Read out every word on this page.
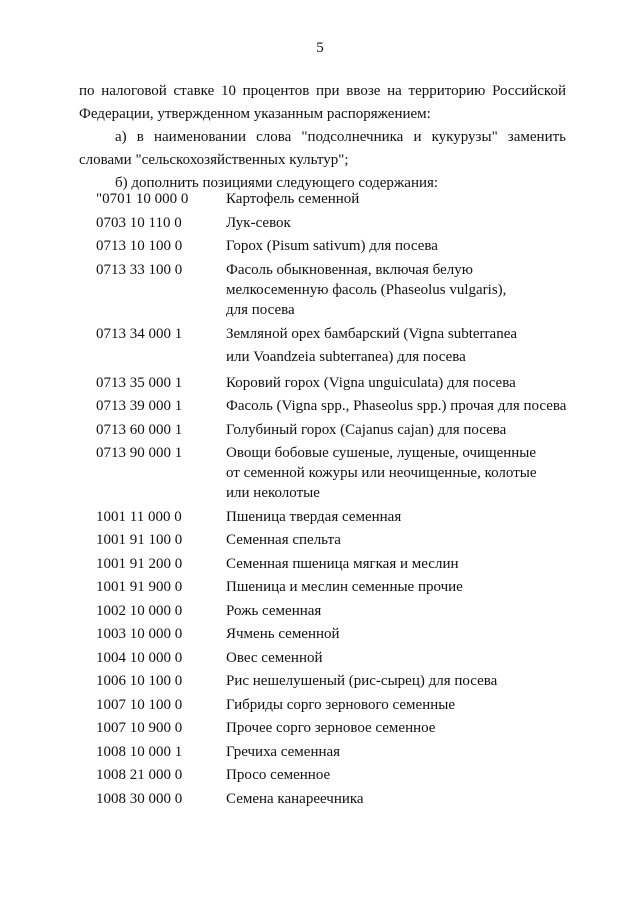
5

по налоговой ставке 10 процентов при ввозе на территорию Российской

Федерации, утвержденном указанным распоряжением:

а) в наименовании слова "подсолнечника и кукурузы" заменить

словами "сельскохозяйственных культур";

б) дополнить позициями следующего содержания:

"0701 10 000 0	Картофель семенной
0703 10 110 0	Лук-севок
0713 10 100 0	Горох (Pisum sativum) для посева
0713 33 100 0	Фасоль обыкновенная, включая белую
мелкосеменную фасоль (Phaseolus vulgaris),
для посева
0713 34 000 1	Земляной орех бамбарский (Vigna subterranea
или Voandzeia subterranea) для посева
0713 35 000 1	Коровий горох (Vigna unguiculata) для посева
0713 39 000 1	Фасоль (Vigna spp., Phaseolus spp.) прочая для посева
0713 60 000 1	Голубиный горох (Cajanus cajan) для посева
0713 90 000 1	Овощи бобовые сушеные, лущеные, очищенные
от семенной кожуры или неочищенные, колотые
или неколотые
1001 11 000 0	Пшеница твердая семенная
1001 91 100 0	Семенная спельта
1001 91 200 0	Семенная пшеница мягкая и меслин
1001 91 900 0	Пшеница и меслин семенные прочие
1002 10 000 0	Рожь семенная
1003 10 000 0	Ячмень семенной
1004 10 000 0	Овес семенной
1006 10 100 0	Рис нешелушеный (рис-сырец) для посева
1007 10 100 0	Гибриды сорго зернового семенные
1007 10 900 0	Прочее сорго зерновое семенное
1008 10 000 1	Гречиха семенная
1008 21 000 0	Просо семенное
1008 30 000 0	Семена канареечника
